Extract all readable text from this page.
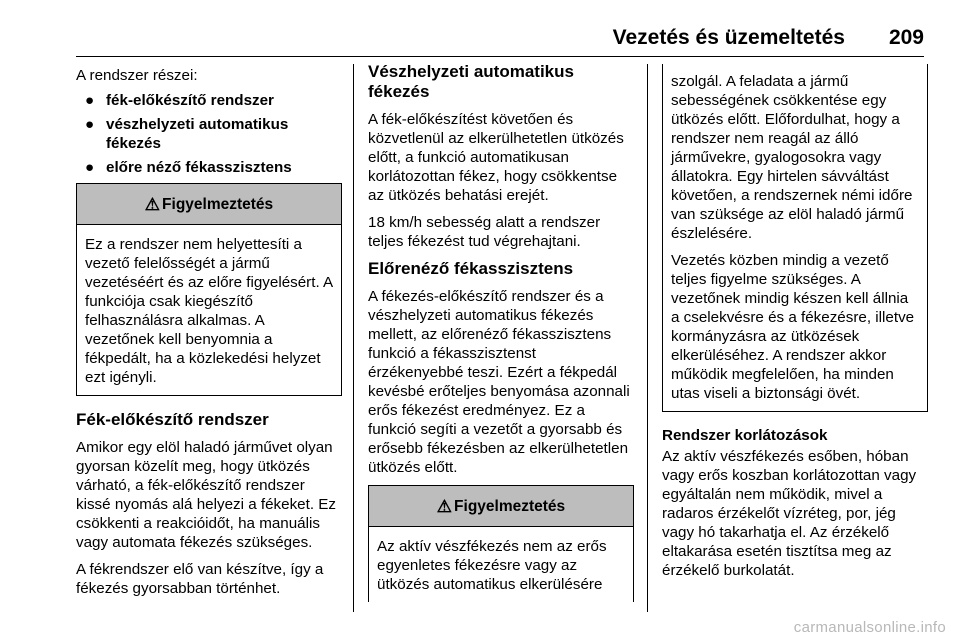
Vezetés és üzemeltetés 209

A rendszer részei:

● fék-előkészítő rendszer
● vészhelyzeti automatikus fékezés
● előre néző fékasszisztens
⚠ Figyelmeztetés
Ez a rendszer nem helyettesíti a vezető felelősségét a jármű vezetéséért és az előre figyelésért. A funkciója csak kiegészítő felhasználásra alkalmas. A vezetőnek kell benyomnia a fékpedált, ha a közlekedési helyzet ezt igényli.
Fék-előkészítő rendszer

Amikor egy elöl haladó járművet olyan gyorsan közelít meg, hogy ütközés várható, a fék-előkészítő rendszer kissé nyomás alá helyezi a fékeket. Ez csökkenti a reakcióidőt, ha manuális vagy automata fékezés szükséges.

A fékrendszer elő van készítve, így a fékezés gyorsabban történhet.

Vészhelyzeti automatikus fékezés

A fék-előkészítést követően és közvetlenül az elkerülhetetlen ütközés előtt, a funkció automatikusan korlátozottan fékez, hogy csökkentse az ütközés behatási erejét.

18 km/h sebesség alatt a rendszer teljes fékezést tud végrehajtani.

Előrenéző fékasszisztens

A fékezés-előkészítő rendszer és a vészhelyzeti automatikus fékezés mellett, az előrenéző fékasszisztens funkció a fékasszisztenst érzékenyebbé teszi. Ezért a fékpedál kevésbé erőteljes benyomása azonnali erős fékezést eredményez. Ez a funkció segíti a vezetőt a gyorsabb és erősebb fékezésben az elkerülhetetlen ütközés előtt.

⚠ Figyelmeztetés
Az aktív vészfékezés nem az erős egyenletes fékezésre vagy az ütközés automatikus elkerülésére

szolgál. A feladata a jármű sebességének csökkentése egy ütközés előtt. Előfordulhat, hogy a rendszer nem reagál az álló járművekre, gyalogosokra vagy állatokra. Egy hirtelen sávváltást követően, a rendszernek némi időre van szüksége az elöl haladó jármű észlelésére.

Vezetés közben mindig a vezető teljes figyelme szükséges. A vezetőnek mindig készen kell állnia a cselekvésre és a fékezésre, illetve kormányzásra az ütközések elkerüléséhez. A rendszer akkor működik megfelelően, ha minden utas viseli a biztonsági övét.

Rendszer korlátozások

Az aktív vészfékezés esőben, hóban vagy erős koszban korlátozottan vagy egyáltalán nem működik, mivel a radaros érzékelőt vízréteg, por, jég vagy hó takarhatja el. Az érzékelő eltakarása esetén tisztítsa meg az érzékelő burkolatát.

carmanualsonline.info
